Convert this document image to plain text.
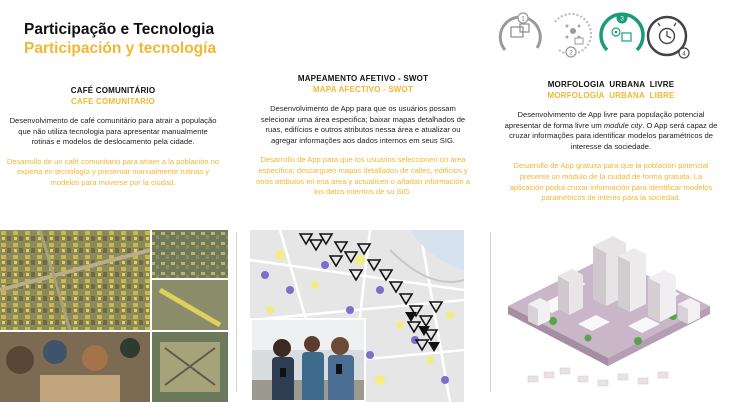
Participação e Tecnologia
Participación y tecnología
1
2
3
4
CAFÉ COMUNITÁRIO
CAFE COMUNITARIO

Desenvolvimento de café comunitário para atrair a população que não utiliza tecnologia para apresentar manualmente rotinas e modelos de deslocamento pela cidade.

Desarrollo de un café comunitario para atraer a la población no experta en tecnología y presentar manualmente rutinas y modelos para moverse por la ciudad.

MAPEAMENTO AFETIVO - SWOT
MAPA AFECTIVO - SWOT

Desenvolvimento de App para que os usuários possam selecionar uma área especifica; baixar mapas detalhados de ruas, edifícios e outros atributos nessa área e atualizar ou agregar informações aos dados internos em seus SIG.

Desarrollo de App para que los usuarios seleccionen un área específica; descarguen mapas detallados de calles, edificios y otros atributos en esa área y actualicen o añadan información a los datos internos de su SIG.

MORFOLOGIA  URBANA  LIVRE
MORFOLOGÍA  URBANA  LIBRE

Desenvolvimento de App livre para população potencial apresentar de forma livre um module city. O App será capaz de cruzar informações para identificar modelos paramétricos de interesse da sociedade.

Desarrollo de App gratuita para que la población potencial presente un módulo de la ciudad de forma gratuita. La aplicación podrá cruzar información para identificar modelos paramétricos de interés para la sociedad.
